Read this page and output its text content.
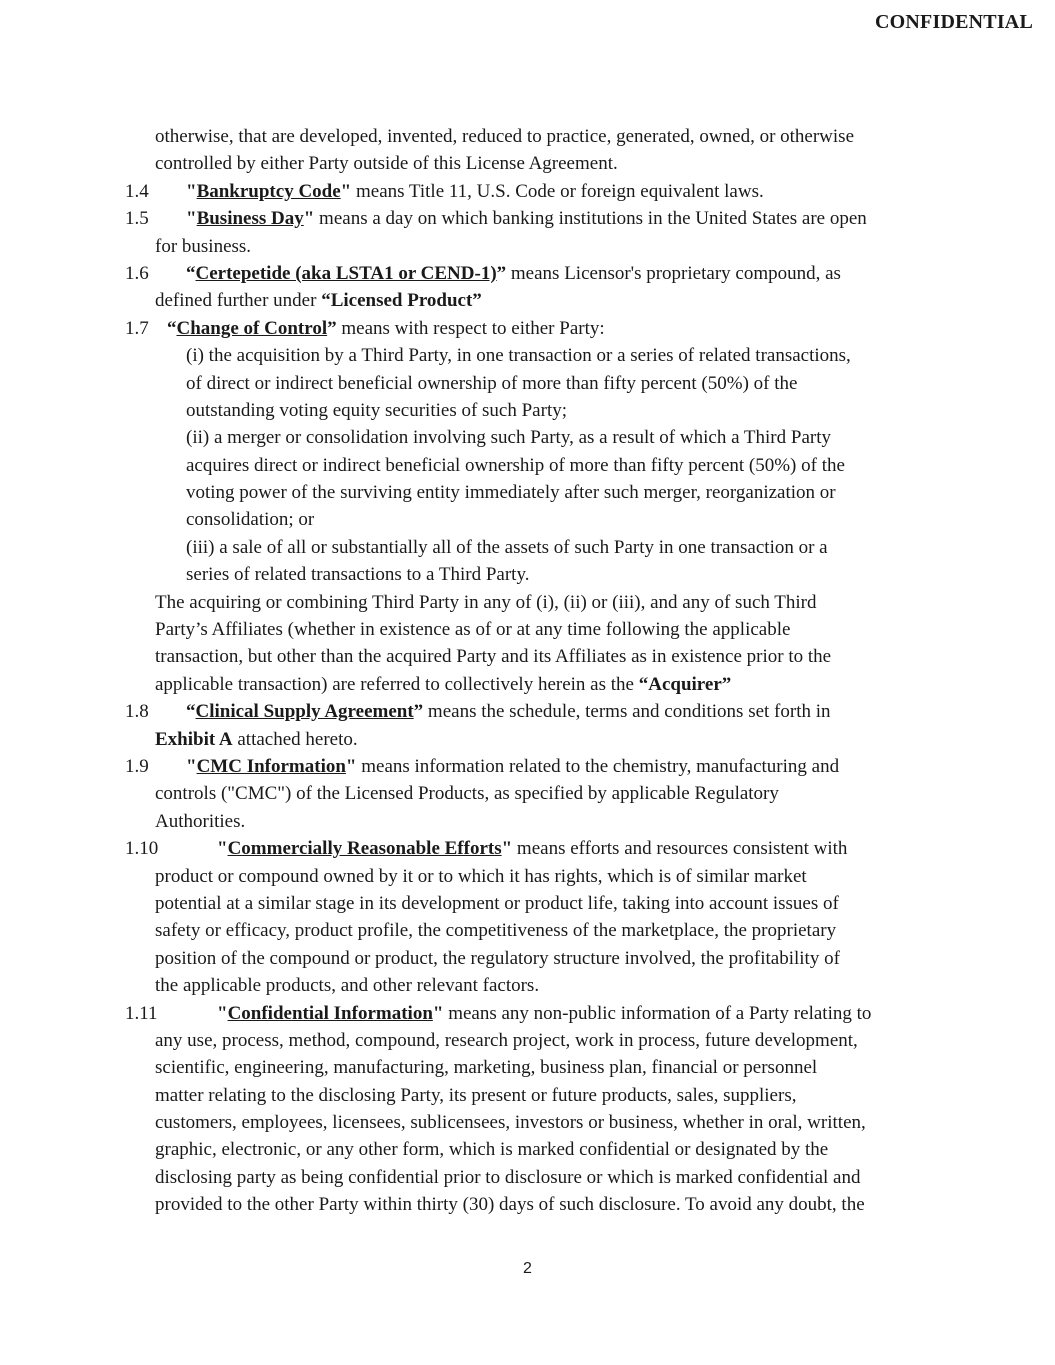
CONFIDENTIAL
otherwise, that are developed, invented, reduced to practice, generated, owned, or otherwise
controlled by either Party outside of this License Agreement.
1.4 "Bankruptcy Code" means Title 11, U.S. Code or foreign equivalent laws.
1.5 "Business Day" means a day on which banking institutions in the United States are open
for business.
1.6 “Certepetide (aka LSTA1 or CEND-1)” means Licensor's proprietary compound, as
defined further under “Licensed Product”
1.7 “Change of Control” means with respect to either Party:
(i) the acquisition by a Third Party, in one transaction or a series of related transactions,
of direct or indirect beneficial ownership of more than fifty percent (50%) of the
outstanding voting equity securities of such Party;
(ii) a merger or consolidation involving such Party, as a result of which a Third Party
acquires direct or indirect beneficial ownership of more than fifty percent (50%) of the
voting power of the surviving entity immediately after such merger, reorganization or
consolidation; or
(iii) a sale of all or substantially all of the assets of such Party in one transaction or a
series of related transactions to a Third Party.
The acquiring or combining Third Party in any of (i), (ii) or (iii), and any of such Third
Party’s Affiliates (whether in existence as of or at any time following the applicable
transaction, but other than the acquired Party and its Affiliates as in existence prior to the
applicable transaction) are referred to collectively herein as the “Acquirer”
1.8 “Clinical Supply Agreement” means the schedule, terms and conditions set forth in
Exhibit A attached hereto.
1.9 "CMC Information" means information related to the chemistry, manufacturing and
controls ("CMC") of the Licensed Products, as specified by applicable Regulatory
Authorities.
1.10	"Commercially Reasonable Efforts" means efforts and resources consistent with
product or compound owned by it or to which it has rights, which is of similar market
potential at a similar stage in its development or product life, taking into account issues of
safety or efficacy, product profile, the competitiveness of the marketplace, the proprietary
position of the compound or product, the regulatory structure involved, the profitability of
the applicable products, and other relevant factors.
1.11	"Confidential Information" means any non-public information of a Party relating to
any use, process, method, compound, research project, work in process, future development,
scientific, engineering, manufacturing, marketing, business plan, financial or personnel
matter relating to the disclosing Party, its present or future products, sales, suppliers,
customers, employees, licensees, sublicensees, investors or business, whether in oral, written,
graphic, electronic, or any other form, which is marked confidential or designated by the
disclosing party as being confidential prior to disclosure or which is marked confidential and
provided to the other Party within thirty (30) days of such disclosure. To avoid any doubt, the
2
